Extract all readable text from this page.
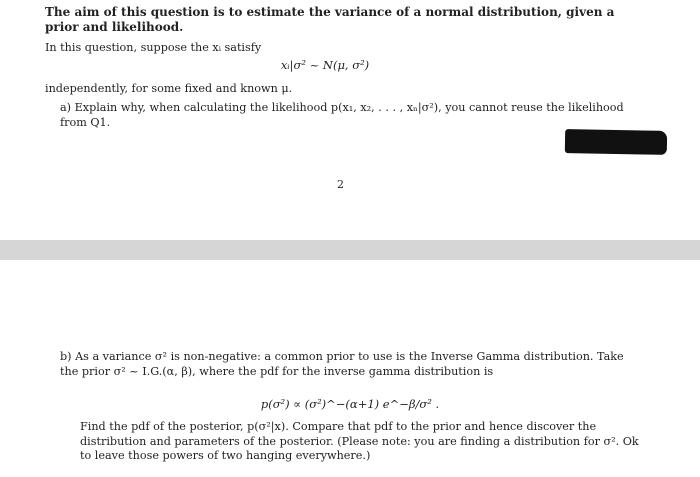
The aim of this question is to estimate the variance of a normal distribution, given a prior and likelihood.

In this question, suppose the xᵢ satisfy

xᵢ|σ² ~ N(μ, σ²)

independently, for some fixed and known μ.

a) Explain why, when calculating the likelihood p(x₁, x₂, . . . , xₙ|σ²), you cannot reuse the likelihood from Q1.

2

b) As a variance σ² is non-negative: a common prior to use is the Inverse Gamma distribution. Take the prior σ² ~ I.G.(α, β), where the pdf for the inverse gamma distribution is

p(σ²) ∝ (σ²)^−(α+1) e^−β/σ² .

Find the pdf of the posterior, p(σ²|x). Compare that pdf to the prior and hence discover the distribution and parameters of the posterior. (Please note: you are finding a distribution for σ². Ok to leave those powers of two hanging everywhere.)
